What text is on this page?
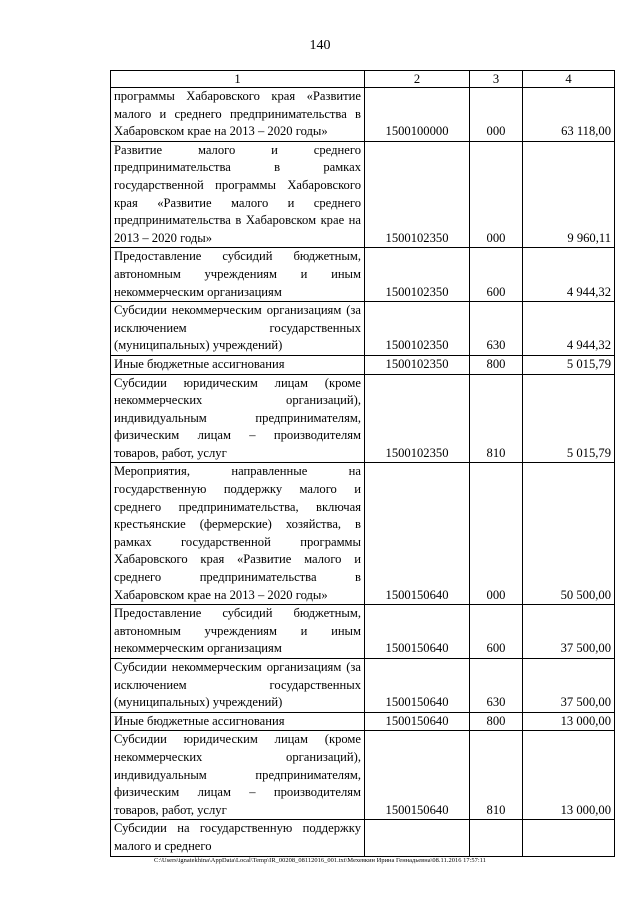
140
1	2	3	4
программы Хабаровского края «Развитие малого и среднего предпринимательства в Хабаровском крае на 2013 – 2020 годы»	1500100000	000	63 118,00
Развитие малого и среднего предпринимательства в рамках государственной программы Хабаровского края «Развитие малого и среднего предпринимательства в Хабаровском крае на 2013 – 2020 годы»	1500102350	000	9 960,11
Предоставление субсидий бюджетным, автономным учреждениям и иным некоммерческим организациям	1500102350	600	4 944,32
Субсидии некоммерческим организациям (за исключением государственных (муниципальных) учреждений)	1500102350	630	4 944,32
Иные бюджетные ассигнования	1500102350	800	5 015,79
Субсидии юридическим лицам (кроме некоммерческих организаций), индивидуальным предпринимателям, физическим лицам – производителям товаров, работ, услуг	1500102350	810	5 015,79
Мероприятия, направленные на государственную поддержку малого и среднего предпринимательства, включая крестьянские (фермерские) хозяйства, в рамках государственной программы Хабаровского края «Развитие малого и среднего предпринимательства в Хабаровском крае на 2013 – 2020 годы»	1500150640	000	50 500,00
Предоставление субсидий бюджетным, автономным учреждениям и иным некоммерческим организациям	1500150640	600	37 500,00
Субсидии некоммерческим организациям (за исключением государственных (муниципальных) учреждений)	1500150640	630	37 500,00
Иные бюджетные ассигнования	1500150640	800	13 000,00
Субсидии юридическим лицам (кроме некоммерческих организаций), индивидуальным предпринимателям, физическим лицам – производителям товаров, работ, услуг	1500150640	810	13 000,00
Субсидии на государственную поддержку малого и среднего			
C:\Users\ignatekhina\AppData\Local\Temp\IR_00208_08112016_001.txt\Мехевкин Ирина Геннадьевна\08.11.2016 17:57:11
